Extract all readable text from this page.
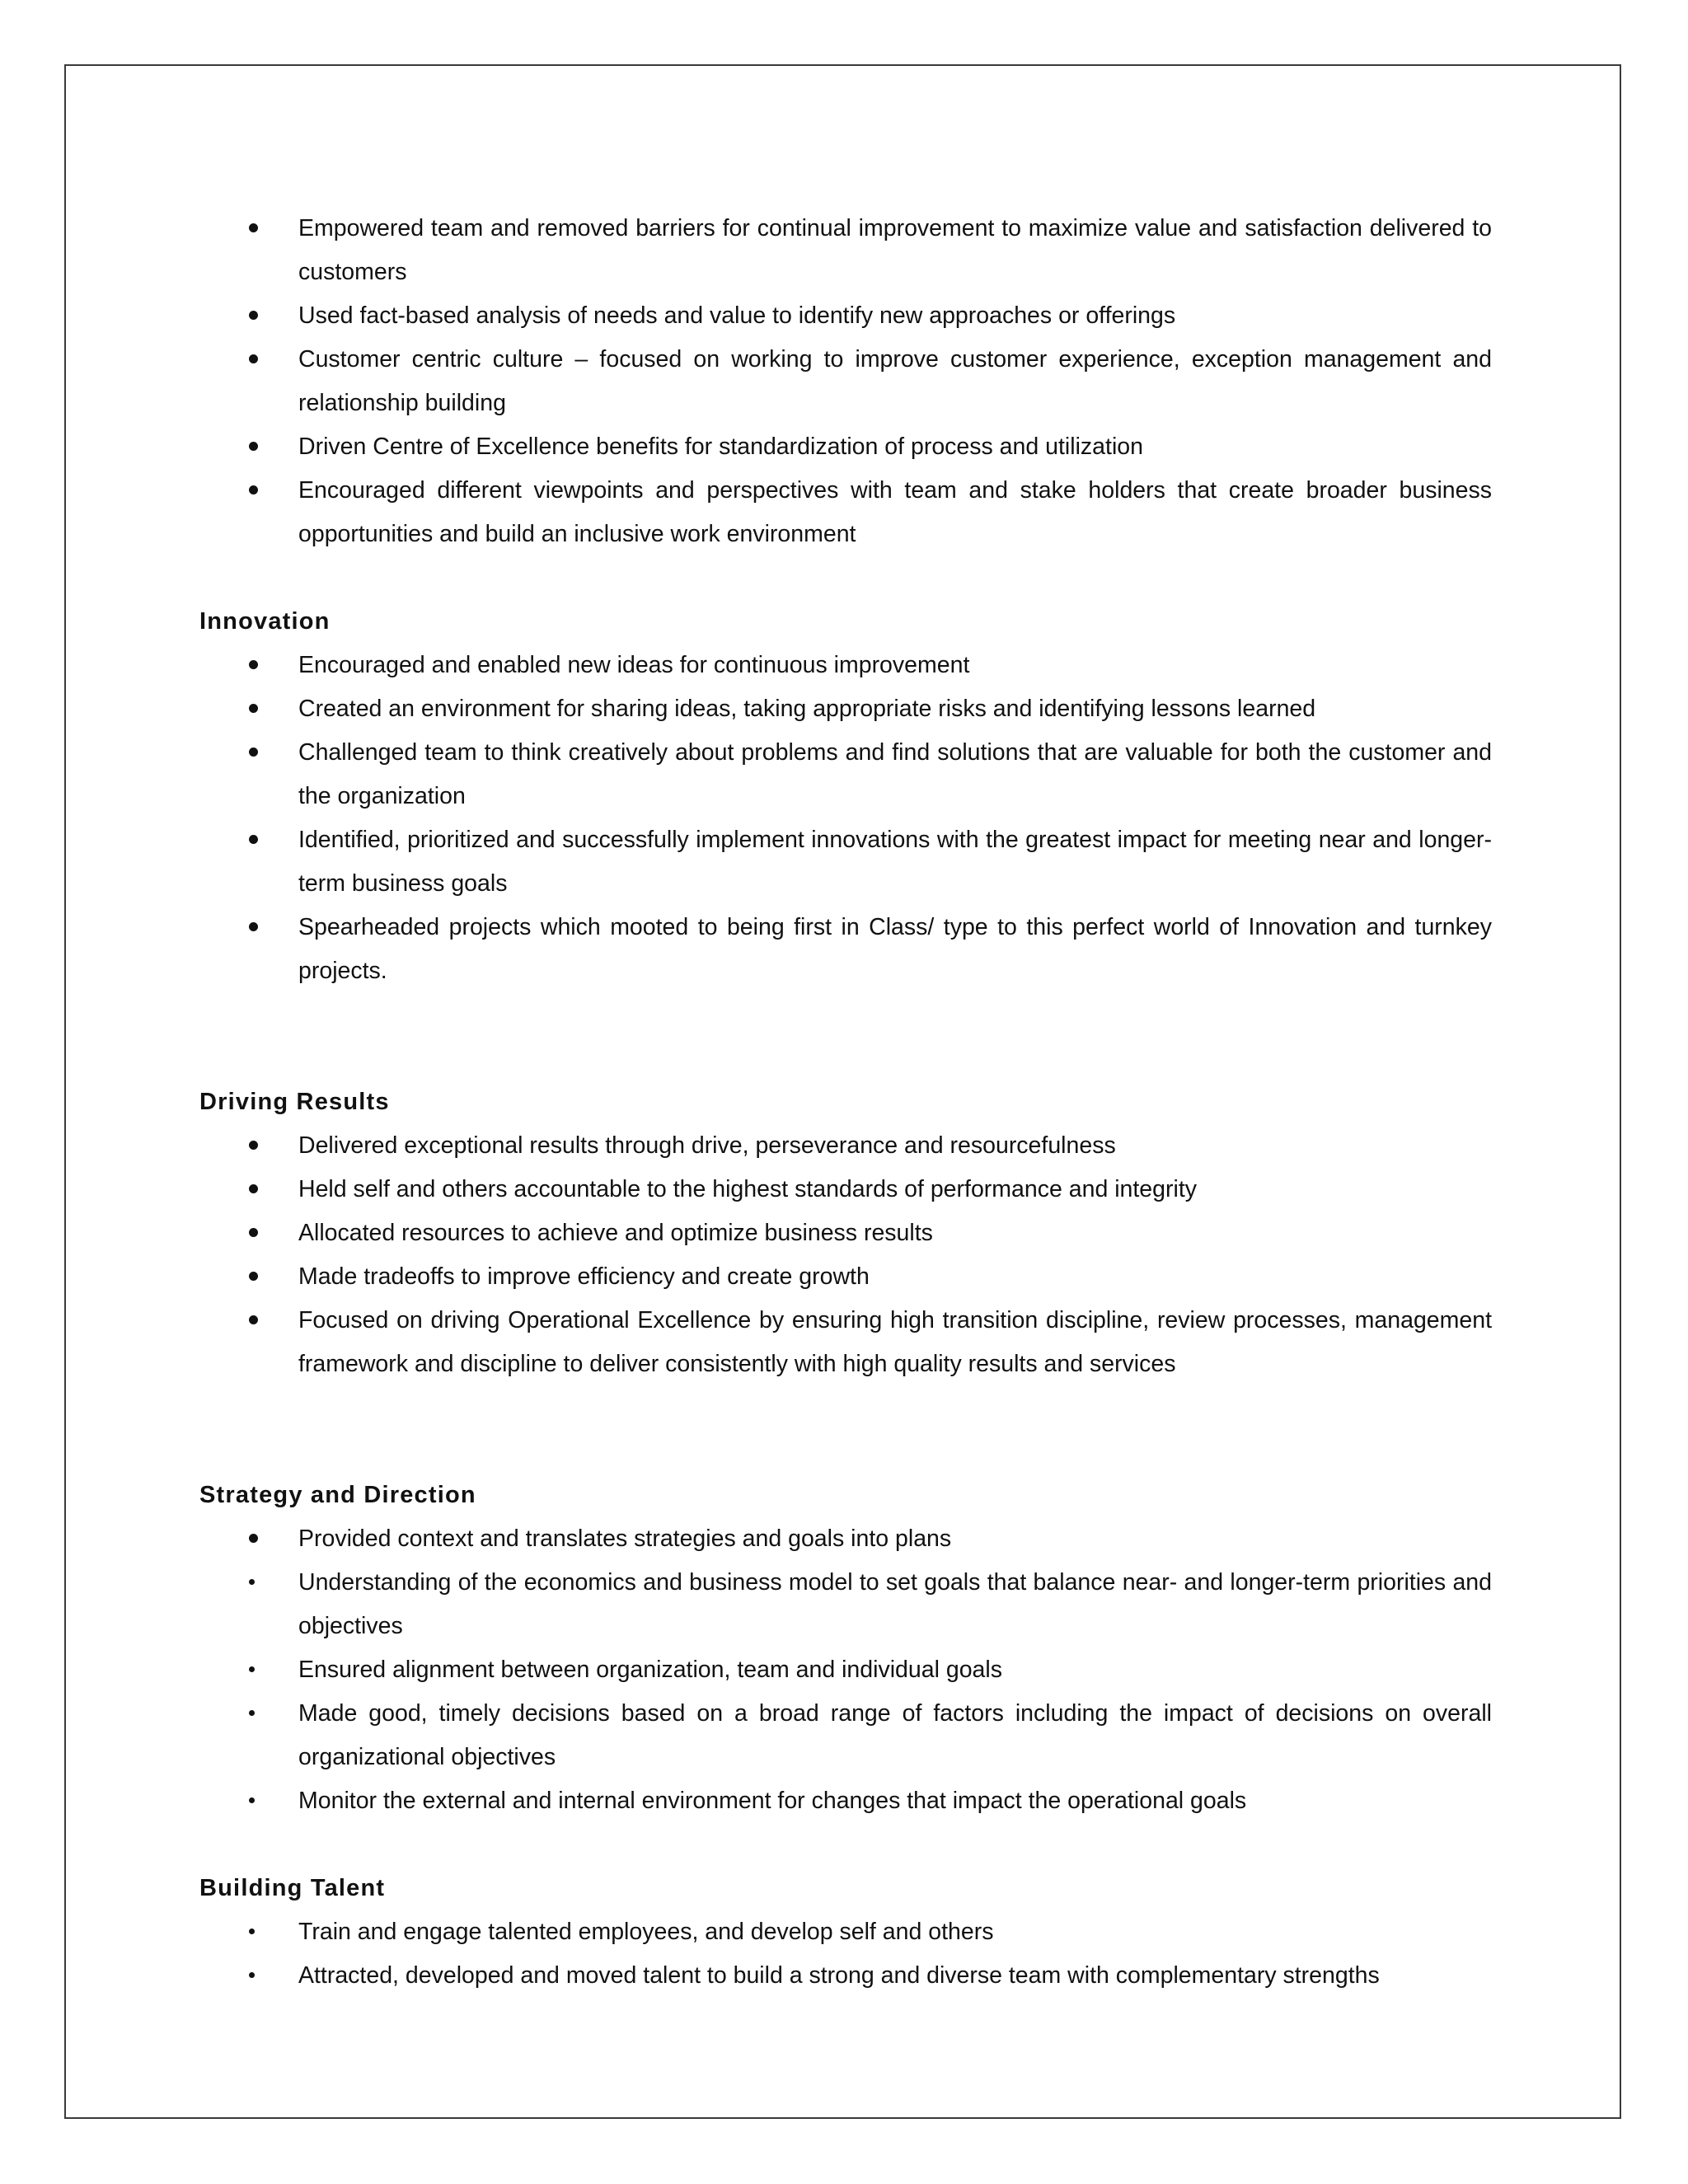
Empowered team and removed barriers for continual improvement to maximize value and satisfaction delivered to customers
Used fact-based analysis of needs and value to identify new approaches or offerings
Customer centric culture – focused on working to improve customer experience, exception management and relationship building
Driven Centre of Excellence benefits for standardization of process and utilization
Encouraged different viewpoints and perspectives with team and stake holders that create broader business opportunities and build an inclusive work environment
Innovation
Encouraged and enabled new ideas for continuous improvement
Created an environment for sharing ideas, taking appropriate risks and identifying lessons learned
Challenged team to think creatively about problems and find solutions that are valuable for both the customer and the organization
Identified, prioritized and successfully implement innovations with the greatest impact for meeting near and longer-term business goals
Spearheaded projects which mooted to being first in Class/ type to this perfect world of Innovation and turnkey projects.
Driving Results
Delivered exceptional results through drive, perseverance and resourcefulness
Held self and others accountable to the highest standards of performance and integrity
Allocated resources to achieve and optimize business results
Made tradeoffs to improve efficiency and create growth
Focused on driving Operational Excellence by ensuring high transition discipline, review processes, management framework and discipline to deliver consistently with high quality results and services
Strategy and Direction
Provided context and translates strategies and goals into plans
Understanding of the economics and business model to set goals that balance near- and longer-term priorities and objectives
Ensured alignment between organization, team and individual goals
Made good, timely decisions based on a broad range of factors including the impact of decisions on overall organizational objectives
Monitor the external and internal environment for changes that impact the operational goals
Building Talent
Train and engage talented employees, and develop self and others
Attracted, developed and moved talent to build a strong and diverse team with complementary strengths
